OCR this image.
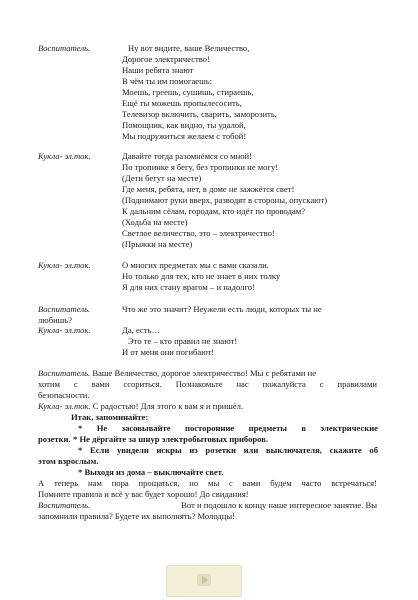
Воспитатель.	Ну вот видите, ваше Величество,
Дорогое электричество!
Наши ребята знают
В чём ты им помогаешь:
Моешь, греешь, сушишь, стираешь,
Ещё ты можешь пропылесосить,
Телевизор включить, сварить, заморозить,
Помощник, как видно, ты удалой,
Мы подружиться желаем с тобой!
Кукла- эл.ток.	Давайте тогда разомнёмся со мной!
По тропинке я бегу, без тропинки не могу!
(Дети бегут на месте)
Где меня, ребята, нет, в доме не зажжётся свет!
(Поднимают руки вверх, разводят в стороны, опускают)
К дальним сёлам, городам, кто идёт по проводам?
(Ходьба на месте)
Светлое величество, это – электричество!
(Прыжки на месте)
Кукла- эл.ток.	О многих предметах мы с вами сказали.
Но только для тех, кто не знает в них толку
Я для них стану врагом – и надолго!
Воспитатель.	Что же это значит? Неужели есть люди, которых ты не
любишь?
Кукла- эл.ток.	Да, есть…
Это те – кто правил не знают!
И от меня они погибают!
Воспитатель. Ваше Величество, дорогое электричество! Мы с ребятами не
хотим с вами ссориться. Познакомьте нас пожалуйста с правилами
безопасности.
Кукла- эл.ток. С радостью! Для этого к вам я и пришёл.
Итак, запоминайте:
* Не засовывайте посторонние предметы в электрические
розетки. * Не дёргайте за шнур электробытовых приборов.
* Если увидели искры из розетки или выключателя, скажите об
этом взрослым.
* Выходя из дома – выключайте свет.
А теперь нам пора прощаться, но мы с вами будем часто встречаться!
Помните правила и всё у вас будет хорошо! До свидания!
Воспитатель.	Вот и подошло к концу наше интересное занятие. Вы
запомнили правила? Будете их выполнять? Молодцы!
